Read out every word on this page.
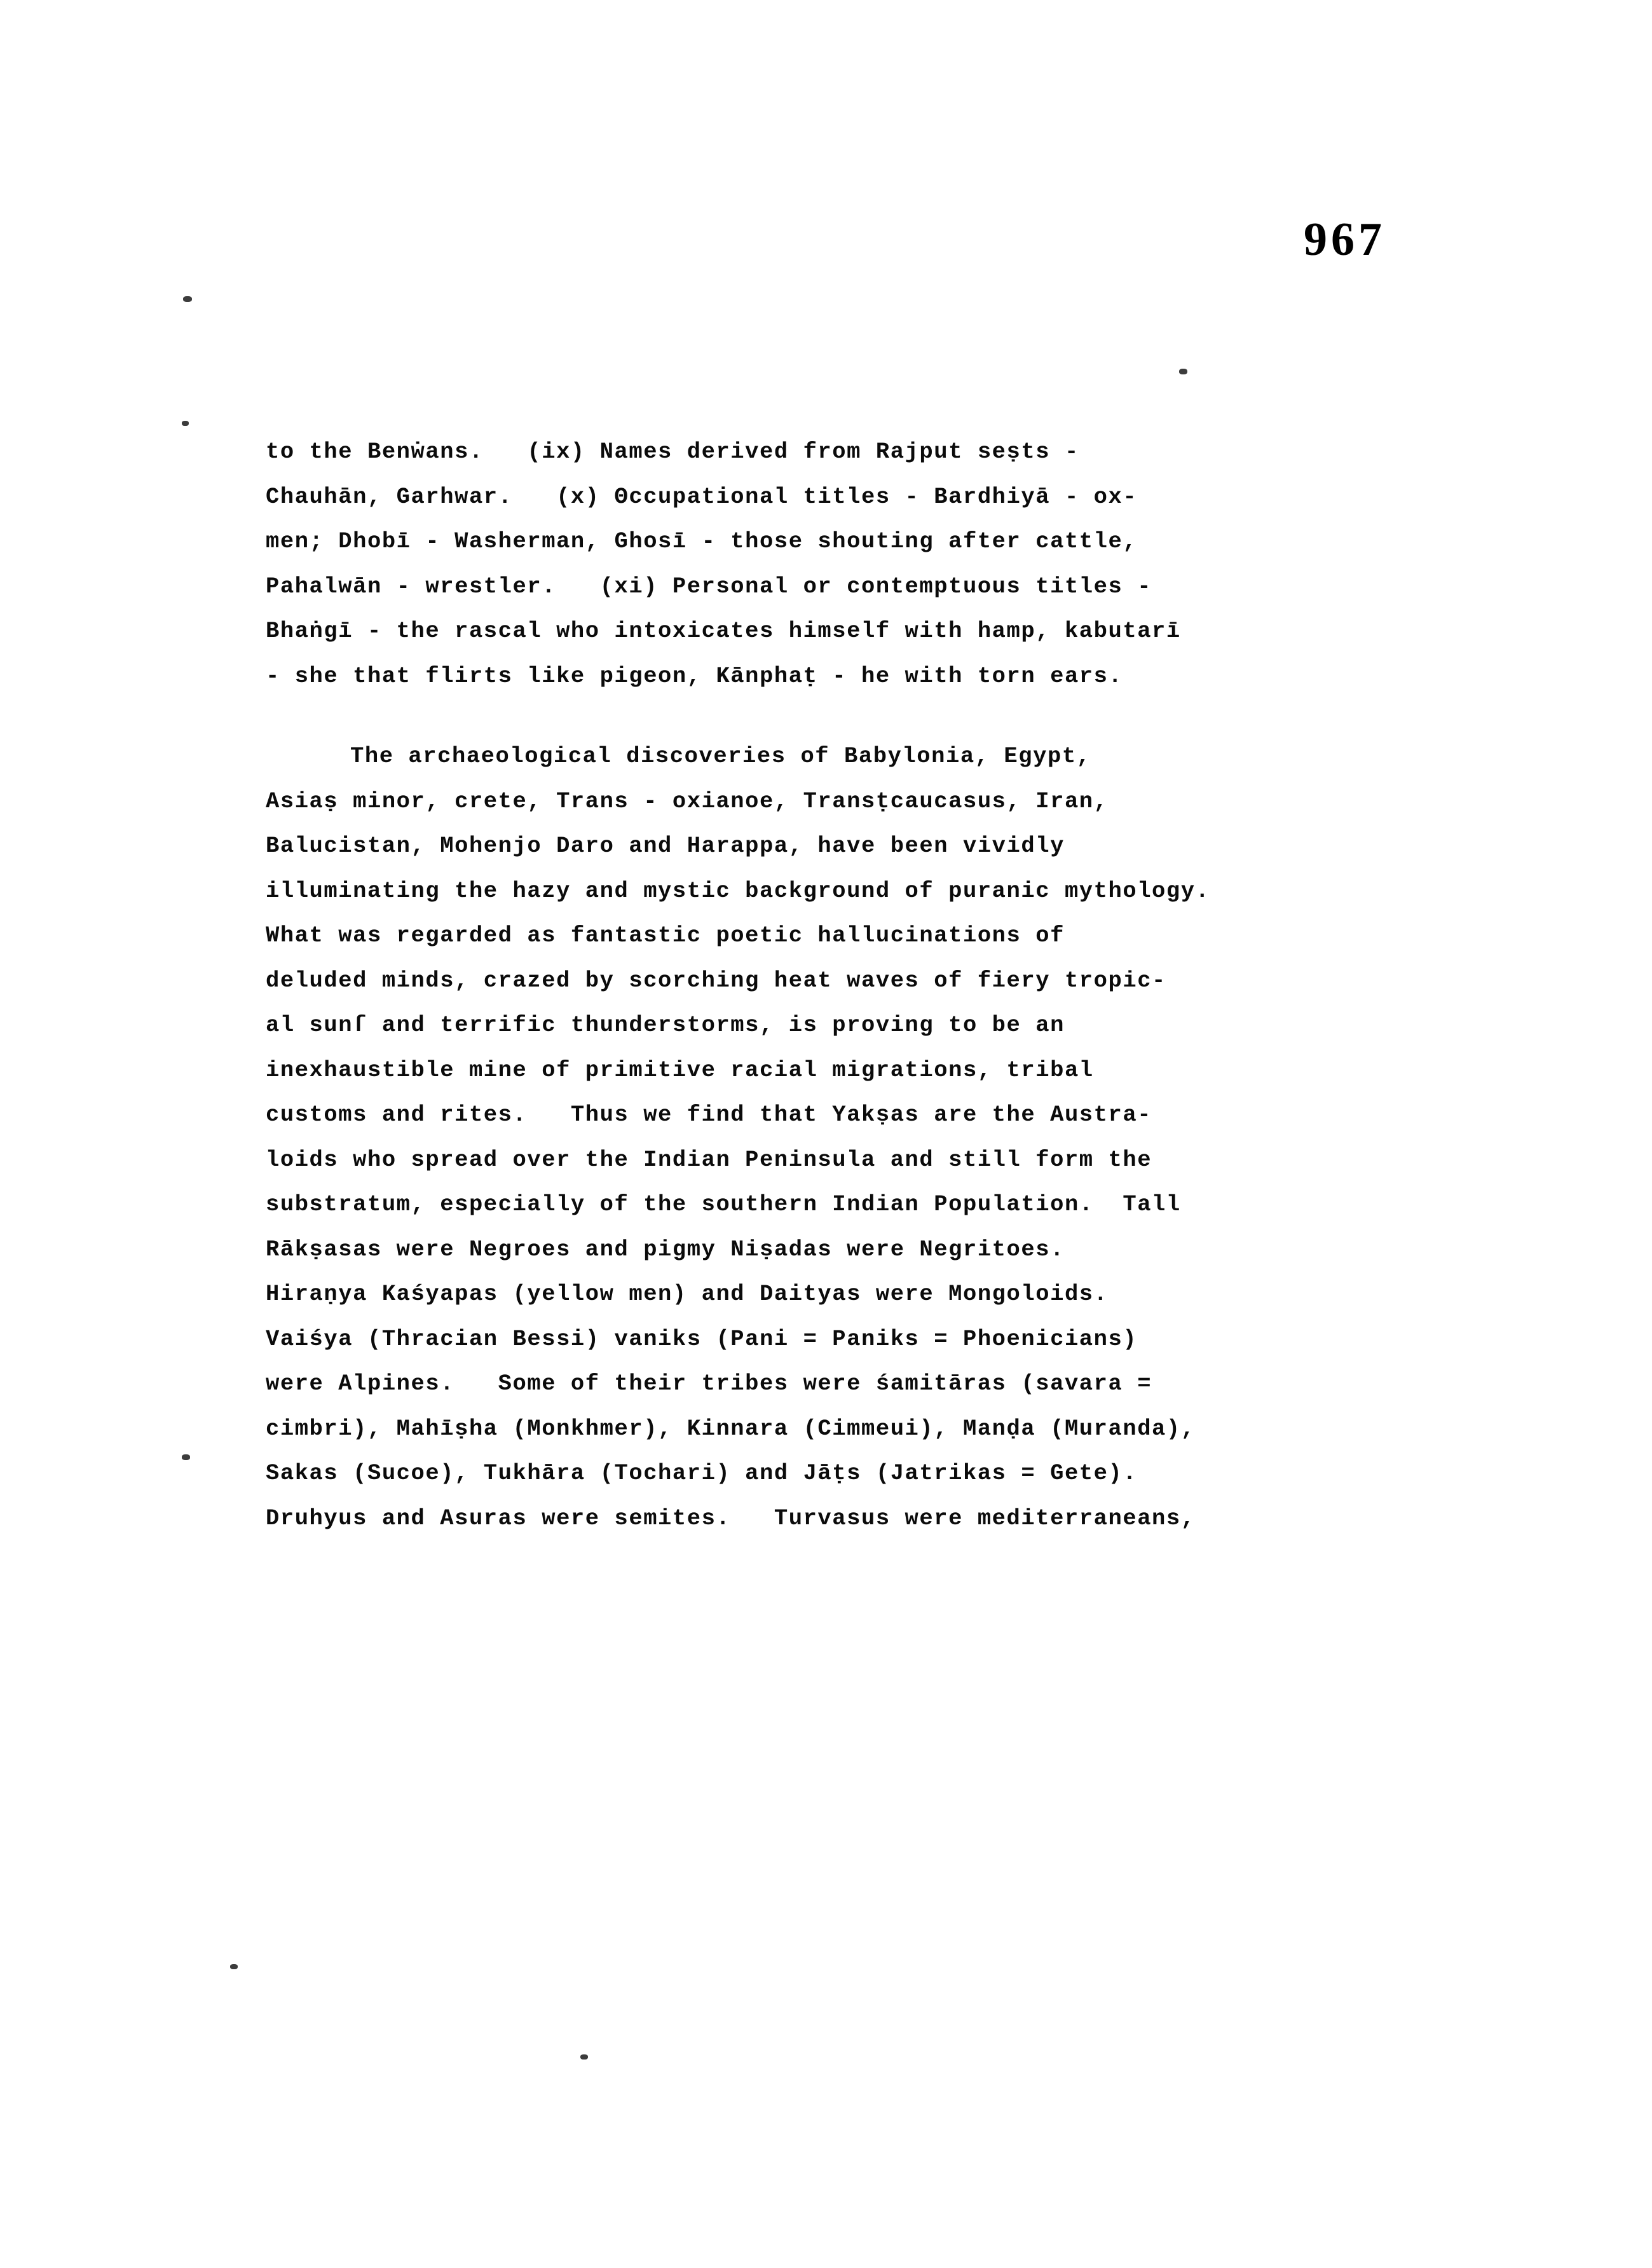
967
to the Benẇans.   (ix) Names derived from Rajput seṣts -
Chauhān, Garhwar.   (x) Θccupational titles - Bardhiyā - ox-
men; Dhobī - Washerman, Ghosī - those shouting after cattle,
Pahalwān - wrestler.   (xi) Personal or contemptuous titles -
Bhaṅgī - the rascal who intoxicates himself with hamp, kabutarī
- she that flirts like pigeon, Kānphaṭ - he with torn ears.
The archaeological discoveries of Babylonia, Egypt,
Asiaṣ minor, crete, Trans - oxianoe, Transṭcaucasus, Iran,
Balucistan, Mohenjo Daro and Harappa, have been vividly
illuminating the hazy and mystic background of puranic mythology.
What was regarded as fantastic poetic hallucinations of
deluded minds, crazed by scorching heat waves of fiery tropic-
al sunſ and terrific thunderstorms, is proving to be an
inexhaustible mine of primitive racial migrations, tribal
customs and rites.   Thus we find that Yakṣas are the Austra-
loids who spread over the Indian Peninsula and still form the
substratum, especially of the southern Indian Population.  Tall
Rākṣasas were Negroes and pigmy Niṣadas were Negritoes.
Hiraṇya Kaśyapas (yellow men) and Daityas were Mongoloids.
Vaiśya (Thracian Bessi) vaniks (Pani = Paniks = Phoenicians)
were Alpines.   Some of their tribes were śamitāras (savara =
cimbri), Mahīṣha (Monkhmer), Kinnara (Cimmeui), Manḍa (Muranda),
Sakas (Sucoe), Tukhāra (Tochari) and Jāṭs (Jatrikas = Gete).
Druhyus and Asuras were semites.   Turvasus were mediterraneans,
